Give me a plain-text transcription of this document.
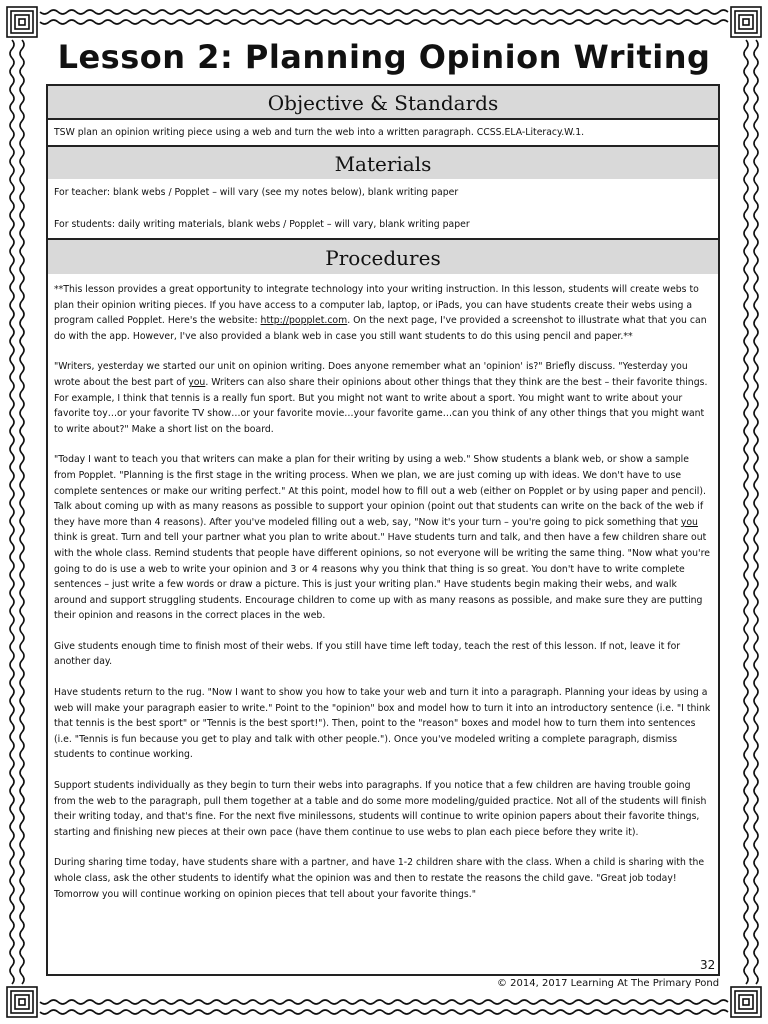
Lesson 2: Planning Opinion Writing
Objective & Standards

TSW plan an opinion writing piece using a web and turn the web into a written paragraph. CCSS.ELA-Literacy.W.1.

Materials

For teacher: blank webs / Popplet – will vary (see my notes below), blank writing paper

For students: daily writing materials, blank webs / Popplet – will vary, blank writing paper

Procedures

**This lesson provides a great opportunity to integrate technology into your writing instruction. In this lesson, students will create webs to plan their opinion writing pieces. If you have access to a computer lab, laptop, or iPads, you can have students create their webs using a program called Popplet. Here's the website: http://popplet.com. On the next page, I've provided a screenshot to illustrate what that you can do with the app. However, I've also provided a blank web in case you still want students to do this using pencil and paper.**

"Writers, yesterday we started our unit on opinion writing. Does anyone remember what an 'opinion' is?" Briefly discuss. "Yesterday you wrote about the best part of you. Writers can also share their opinions about other things that they think are the best – their favorite things. For example, I think that tennis is a really fun sport. But you might not want to write about a sport. You might want to write about your favorite toy…or your favorite TV show…or your favorite movie…your favorite game…can you think of any other things that you might want to write about?" Make a short list on the board.

"Today I want to teach you that writers can make a plan for their writing by using a web." Show students a blank web, or show a sample from Popplet. "Planning is the first stage in the writing process. When we plan, we are just coming up with ideas. We don't have to use complete sentences or make our writing perfect." At this point, model how to fill out a web (either on Popplet or by using paper and pencil). Talk about coming up with as many reasons as possible to support your opinion (point out that students can write on the back of the web if they have more than 4 reasons). After you've modeled filling out a web, say, "Now it's your turn – you're going to pick something that you think is great. Turn and tell your partner what you plan to write about." Have students turn and talk, and then have a few children share out with the whole class. Remind students that people have different opinions, so not everyone will be writing the same thing. "Now what you're going to do is use a web to write your opinion and 3 or 4 reasons why you think that thing is so great. You don't have to write complete sentences – just write a few words or draw a picture. This is just your writing plan." Have students begin making their webs, and walk around and support struggling students. Encourage children to come up with as many reasons as possible, and make sure they are putting their opinion and reasons in the correct places in the web.

Give students enough time to finish most of their webs. If you still have time left today, teach the rest of this lesson. If not, leave it for another day.

Have students return to the rug. "Now I want to show you how to take your web and turn it into a paragraph. Planning your ideas by using a web will make your paragraph easier to write." Point to the "opinion" box and model how to turn it into an introductory sentence (i.e. "I think that tennis is the best sport" or "Tennis is the best sport!"). Then, point to the "reason" boxes and model how to turn them into sentences (i.e. "Tennis is fun because you get to play and talk with other people."). Once you've modeled writing a complete paragraph, dismiss students to continue working.

Support students individually as they begin to turn their webs into paragraphs. If you notice that a few children are having trouble going from the web to the paragraph, pull them together at a table and do some more modeling/guided practice. Not all of the students will finish their writing today, and that's fine. For the next five minilessons, students will continue to write opinion papers about their favorite things, starting and finishing new pieces at their own pace (have them continue to use webs to plan each piece before they write it).

During sharing time today, have students share with a partner, and have 1-2 children share with the class. When a child is sharing with the whole class, ask the other students to identify what the opinion was and then to restate the reasons the child gave. "Great job today! Tomorrow you will continue working on opinion pieces that tell about your favorite things."

32
© 2014, 2017 Learning At The Primary Pond
